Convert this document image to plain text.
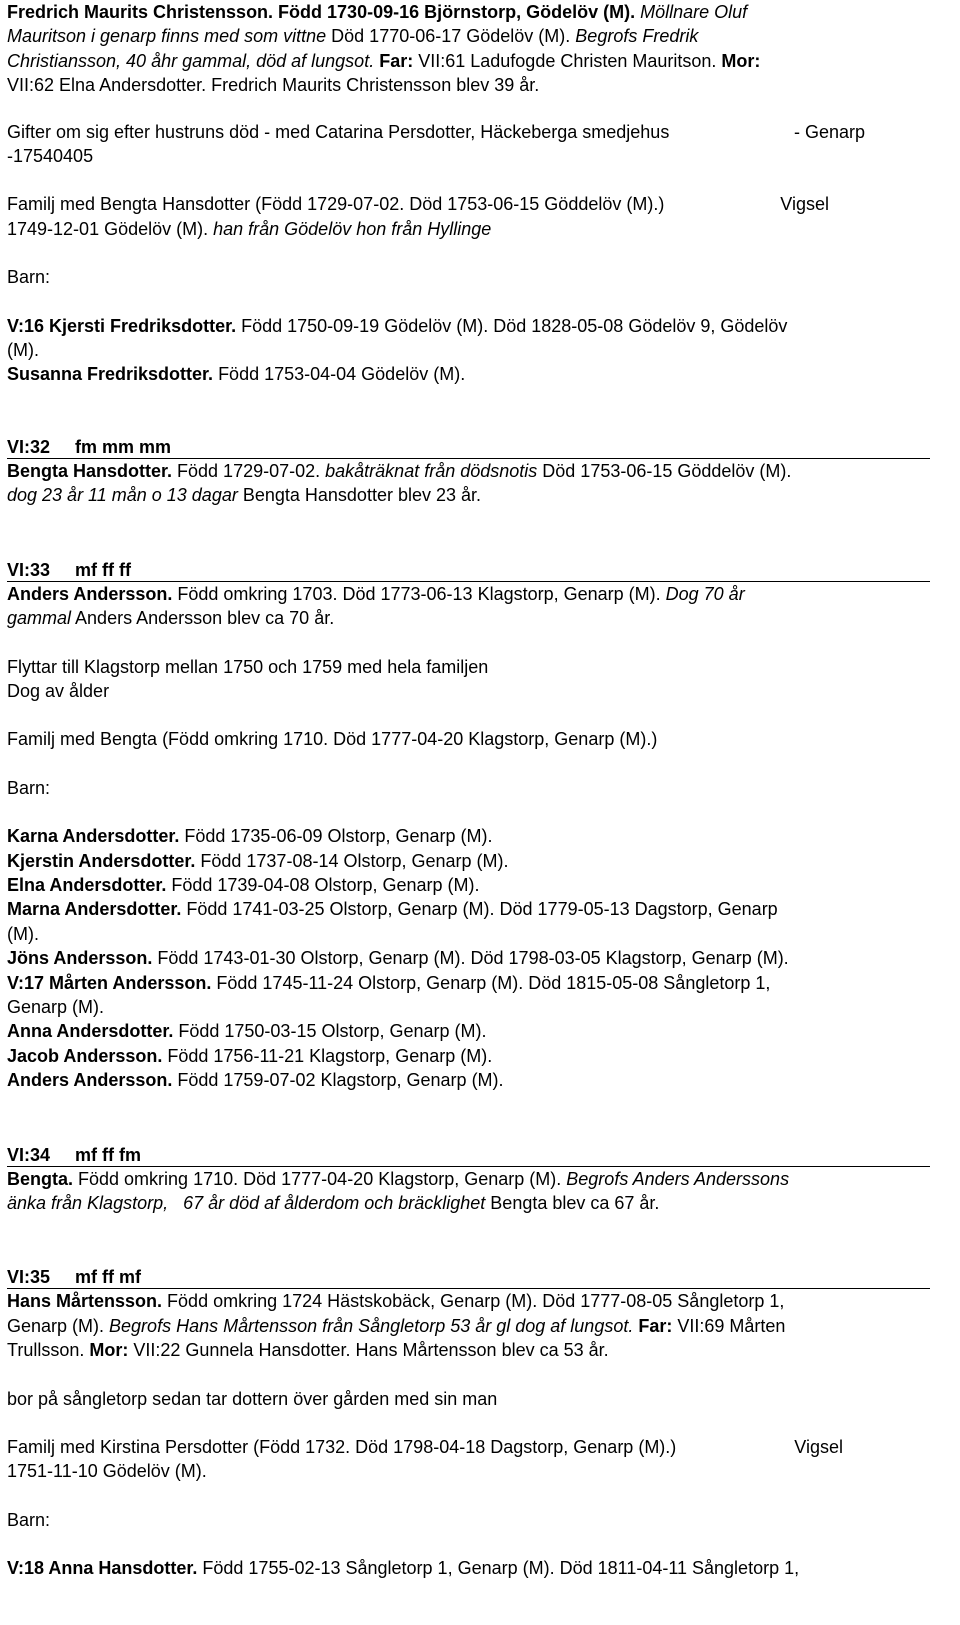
Fredrich Maurits Christensson. Född 1730-09-16 Björnstorp, Gödelöv (M). Möllnare Oluf

Mauritson i genarp finns med som vittne Död 1770-06-17 Gödelöv (M). Begrofs Fredrik

Christiansson, 40 åhr gammal, död af lungsot. Far: VII:61 Ladufogde Christen Mauritson. Mor:

VII:62 Elna Andersdotter. Fredrich Maurits Christensson blev 39 år.

Gifter om sig efter hustruns död - med Catarina Persdotter, Häckeberga smedjehus	- Genarp

-17540405

Familj med Bengta Hansdotter (Född 1729-07-02. Död 1753-06-15 Göddelöv (M).)	Vigsel

1749-12-01 Gödelöv (M). han från Gödelöv hon från Hyllinge

Barn:

V:16 Kjersti Fredriksdotter. Född 1750-09-19 Gödelöv (M). Död 1828-05-08 Gödelöv 9, Gödelöv

(M).

Susanna Fredriksdotter. Född 1753-04-04 Gödelöv (M).

VI:32 fm mm mm

Bengta Hansdotter. Född 1729-07-02. bakåträknat från dödsnotis Död 1753-06-15 Göddelöv (M).

dog 23 år 11 mån o 13 dagar Bengta Hansdotter blev 23 år.

VI:33 mf ff ff

Anders Andersson. Född omkring 1703. Död 1773-06-13 Klagstorp, Genarp (M). Dog 70 år

gammal Anders Andersson blev ca 70 år.

Flyttar till Klagstorp mellan 1750 och 1759 med hela familjen

Dog av ålder

Familj med Bengta (Född omkring 1710. Död 1777-04-20 Klagstorp, Genarp (M).)

Barn:

Karna Andersdotter. Född 1735-06-09 Olstorp, Genarp (M).

Kjerstin Andersdotter. Född 1737-08-14 Olstorp, Genarp (M).

Elna Andersdotter. Född 1739-04-08 Olstorp, Genarp (M).

Marna Andersdotter. Född 1741-03-25 Olstorp, Genarp (M). Död 1779-05-13 Dagstorp, Genarp

(M).

Jöns Andersson. Född 1743-01-30 Olstorp, Genarp (M). Död 1798-03-05 Klagstorp, Genarp (M).

V:17 Mårten Andersson. Född 1745-11-24 Olstorp, Genarp (M). Död 1815-05-08 Sångletorp 1,

Genarp (M).

Anna Andersdotter. Född 1750-03-15 Olstorp, Genarp (M).

Jacob Andersson. Född 1756-11-21 Klagstorp, Genarp (M).

Anders Andersson. Född 1759-07-02 Klagstorp, Genarp (M).

VI:34 mf ff fm

Bengta. Född omkring 1710. Död 1777-04-20 Klagstorp, Genarp (M). Begrofs Anders Anderssons

änka från Klagstorp,   67 år död af ålderdom och bräcklighet Bengta blev ca 67 år.

VI:35 mf ff mf

Hans Mårtensson. Född omkring 1724 Hästskobäck, Genarp (M). Död 1777-08-05 Sångletorp 1,

Genarp (M). Begrofs Hans Mårtensson från Sångletorp 53 år gl dog af lungsot. Far: VII:69 Mårten

Trullsson. Mor: VII:22 Gunnela Hansdotter. Hans Mårtensson blev ca 53 år.

bor på sångletorp sedan tar dottern över gården med sin man

Familj med Kirstina Persdotter (Född 1732. Död 1798-04-18 Dagstorp, Genarp (M).)	Vigsel

1751-11-10 Gödelöv (M).

Barn:

V:18 Anna Hansdotter. Född 1755-02-13 Sångletorp 1, Genarp (M). Död 1811-04-11 Sångletorp 1,
